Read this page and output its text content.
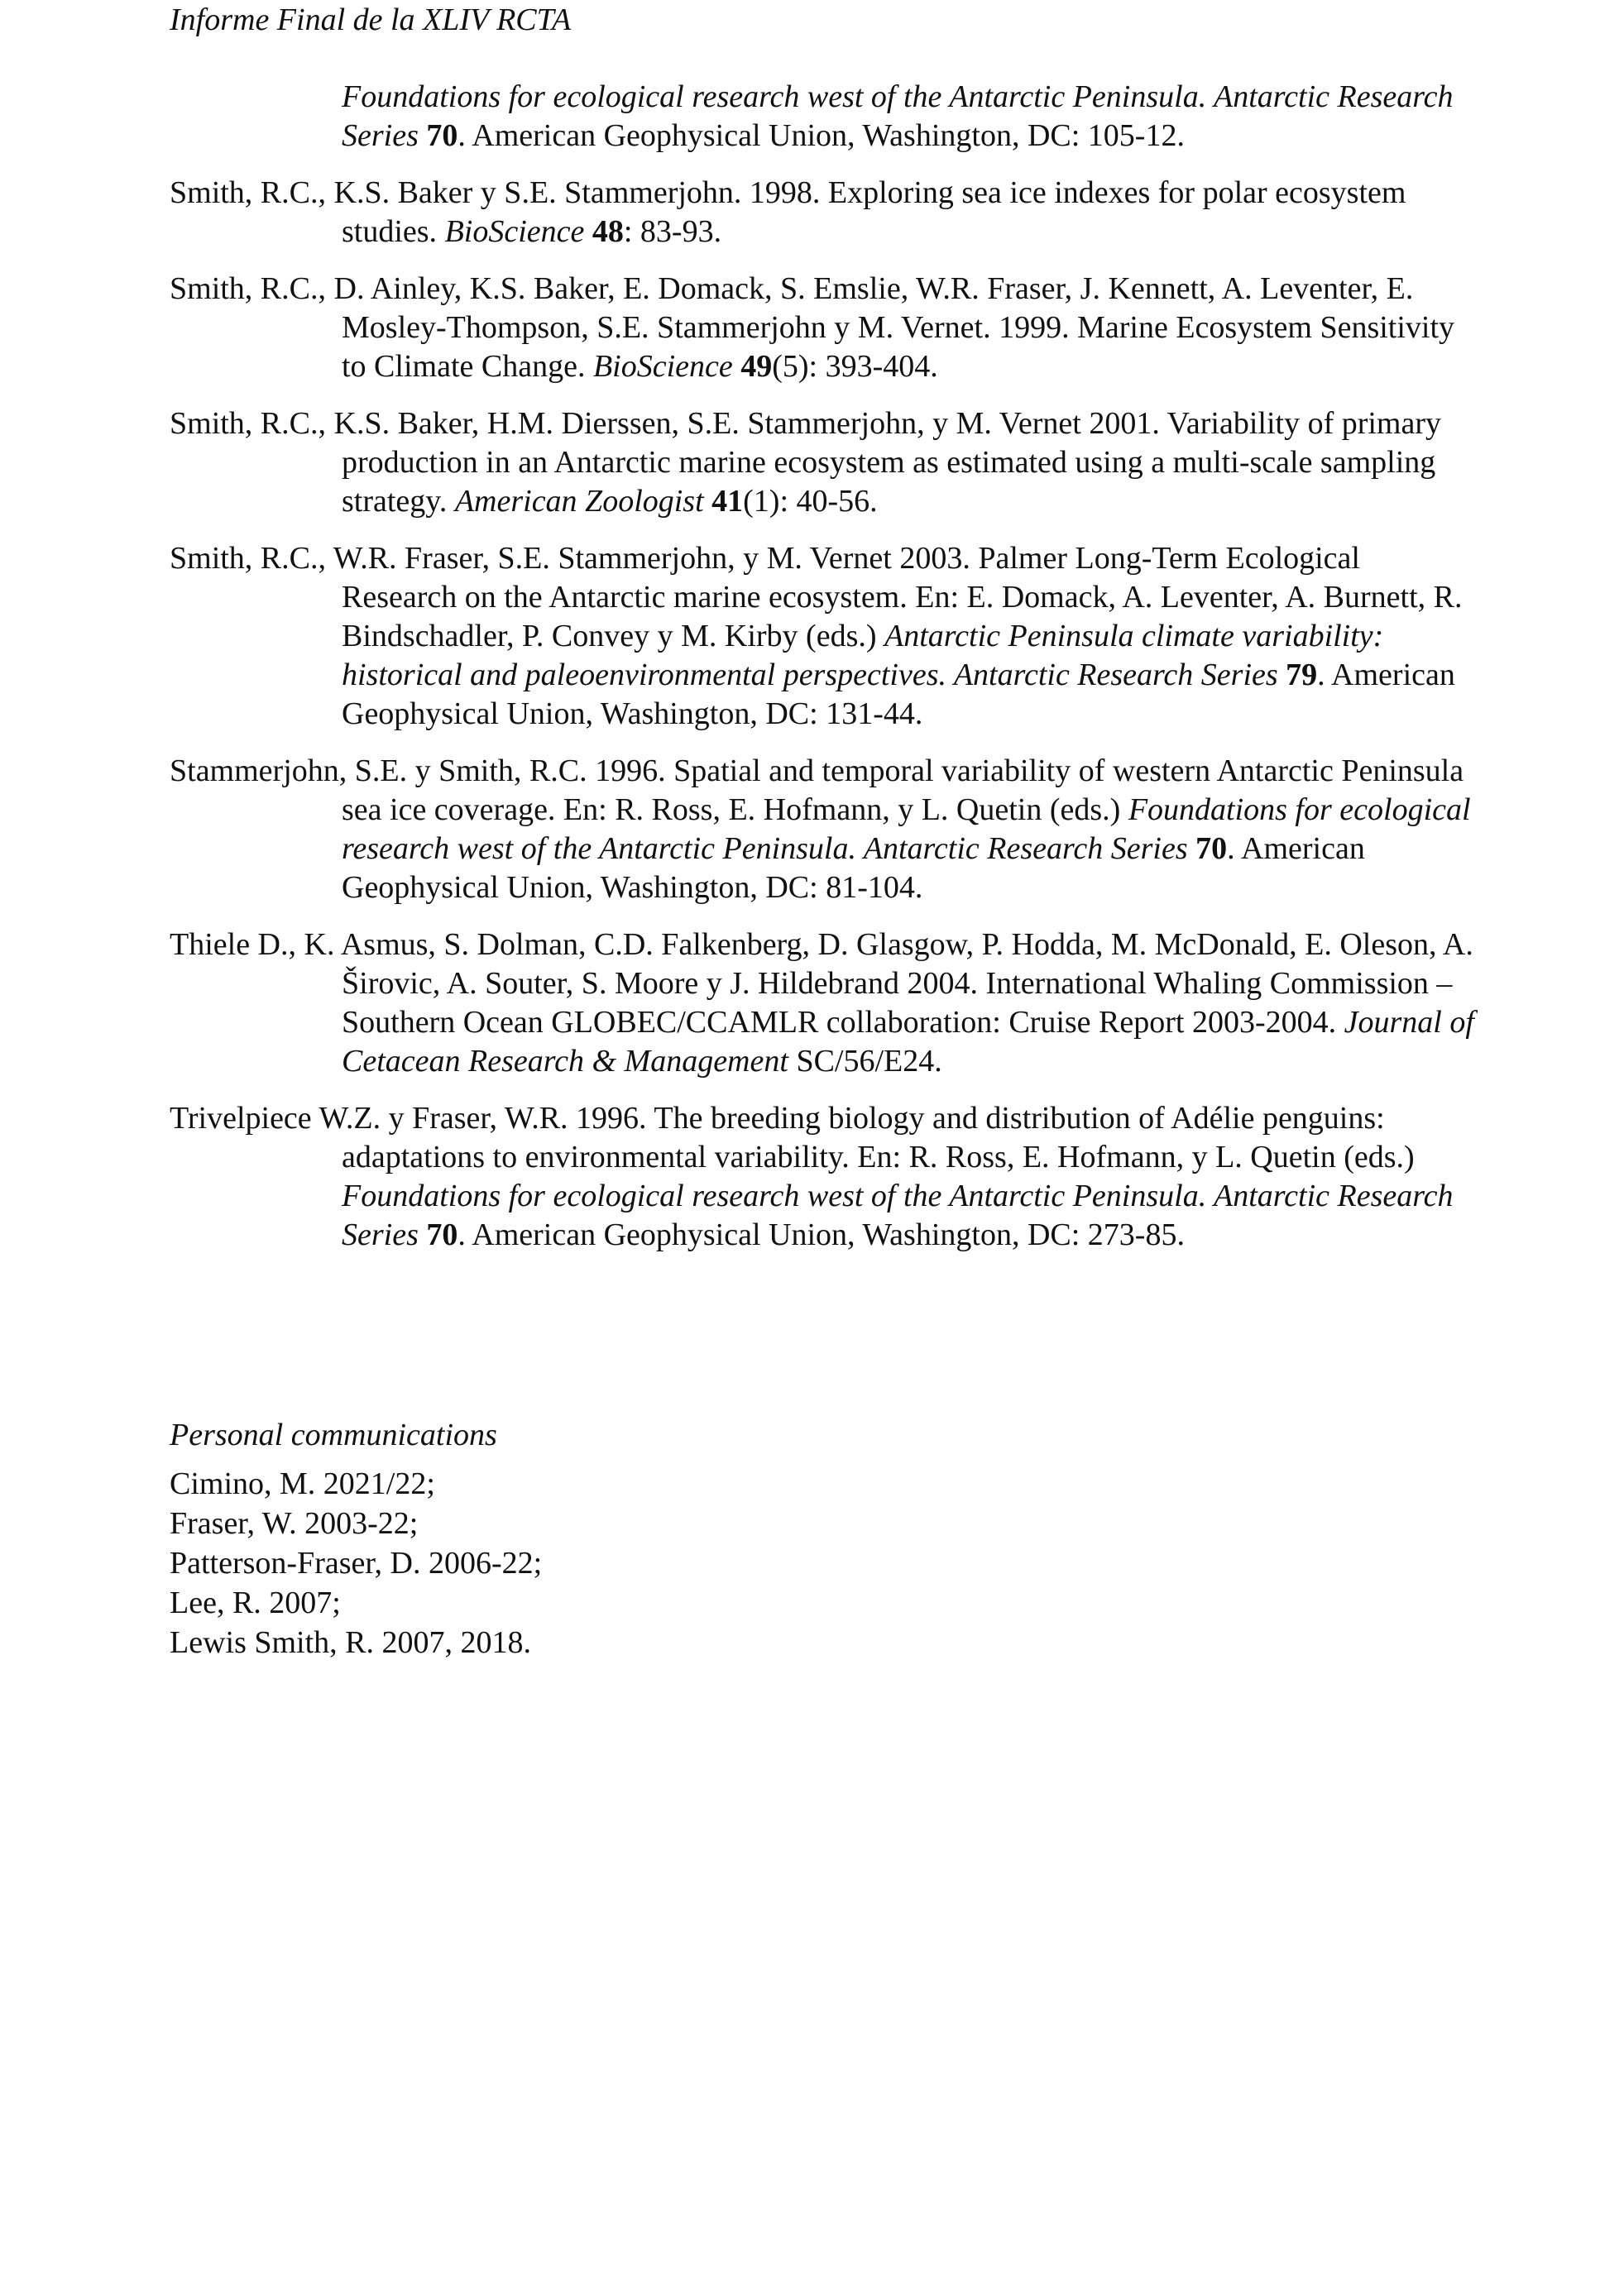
Informe Final de la XLIV RCTA

Foundations for ecological research west of the Antarctic Peninsula. Antarctic Research Series 70. American Geophysical Union, Washington, DC: 105-12.

Smith, R.C., K.S. Baker y S.E. Stammerjohn. 1998. Exploring sea ice indexes for polar ecosystem studies. BioScience 48: 83-93.

Smith, R.C., D. Ainley, K.S. Baker, E. Domack, S. Emslie, W.R. Fraser, J. Kennett, A. Leventer, E. Mosley-Thompson, S.E. Stammerjohn y M. Vernet. 1999. Marine Ecosystem Sensitivity to Climate Change. BioScience 49(5): 393-404.

Smith, R.C., K.S. Baker, H.M. Dierssen, S.E. Stammerjohn, y M. Vernet 2001. Variability of primary production in an Antarctic marine ecosystem as estimated using a multi-scale sampling strategy. American Zoologist 41(1): 40-56.

Smith, R.C., W.R. Fraser, S.E. Stammerjohn, y M. Vernet 2003. Palmer Long-Term Ecological Research on the Antarctic marine ecosystem. En: E. Domack, A. Leventer, A. Burnett, R. Bindschadler, P. Convey y M. Kirby (eds.) Antarctic Peninsula climate variability: historical and paleoenvironmental perspectives. Antarctic Research Series 79. American Geophysical Union, Washington, DC: 131-44.

Stammerjohn, S.E. y Smith, R.C. 1996. Spatial and temporal variability of western Antarctic Peninsula sea ice coverage. En: R. Ross, E. Hofmann, y L. Quetin (eds.) Foundations for ecological research west of the Antarctic Peninsula. Antarctic Research Series 70. American Geophysical Union, Washington, DC: 81-104.

Thiele D., K. Asmus, S. Dolman, C.D. Falkenberg, D. Glasgow, P. Hodda, M. McDonald, E. Oleson, A. Širovic, A. Souter, S. Moore y J. Hildebrand 2004. International Whaling Commission – Southern Ocean GLOBEC/CCAMLR collaboration: Cruise Report 2003-2004. Journal of Cetacean Research & Management SC/56/E24.

Trivelpiece W.Z. y Fraser, W.R. 1996. The breeding biology and distribution of Adélie penguins: adaptations to environmental variability. En: R. Ross, E. Hofmann, y L. Quetin (eds.) Foundations for ecological research west of the Antarctic Peninsula. Antarctic Research Series 70. American Geophysical Union, Washington, DC: 273-85.

Personal communications
Cimino, M. 2021/22;
Fraser, W. 2003-22;
Patterson-Fraser, D. 2006-22;
Lee, R. 2007;
Lewis Smith, R. 2007, 2018.
